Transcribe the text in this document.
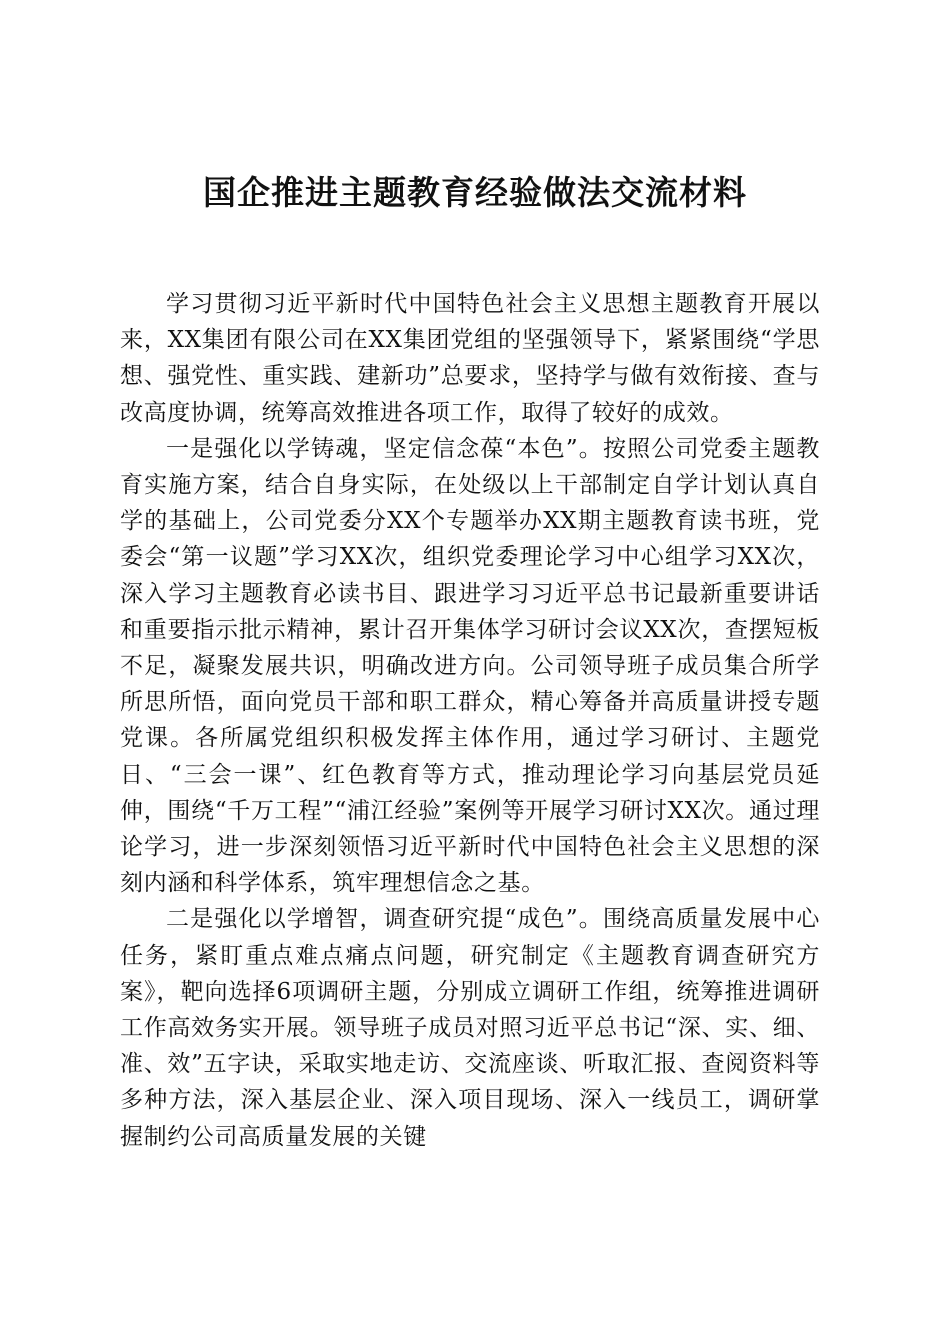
国企推进主题教育经验做法交流材料

学习贯彻习近平新时代中国特色社会主义思想主题教育开展以来，XX集团有限公司在XX集团党组的坚强领导下，紧紧围绕“学思想、强党性、重实践、建新功”总要求，坚持学与做有效衔接、查与改高度协调，统筹高效推进各项工作，取得了较好的成效。

一是强化以学铸魂，坚定信念葆“本色”。按照公司党委主题教育实施方案，结合自身实际，在处级以上干部制定自学计划认真自学的基础上，公司党委分XX个专题举办XX期主题教育读书班，党委会“第一议题”学习XX次，组织党委理论学习中心组学习XX次，深入学习主题教育必读书目、跟进学习习近平总书记最新重要讲话和重要指示批示精神，累计召开集体学习研讨会议XX次，查摆短板不足，凝聚发展共识，明确改进方向。公司领导班子成员集合所学所思所悟，面向党员干部和职工群众，精心筹备并高质量讲授专题党课。各所属党组织积极发挥主体作用，通过学习研讨、主题党日、“三会一课”、红色教育等方式，推动理论学习向基层党员延伸，围绕“千万工程”“浦江经验”案例等开展学习研讨XX次。通过理论学习，进一步深刻领悟习近平新时代中国特色社会主义思想的深刻内涵和科学体系，筑牢理想信念之基。

二是强化以学增智，调查研究提“成色”。围绕高质量发展中心任务，紧盯重点难点痛点问题，研究制定《主题教育调查研究方案》，靶向选择6项调研主题，分别成立调研工作组，统筹推进调研工作高效务实开展。领导班子成员对照习近平总书记“深、实、细、准、效”五字诀，采取实地走访、交流座谈、听取汇报、查阅资料等多种方法，深入基层企业、深入项目现场、深入一线员工，调研掌握制约公司高质量发展的关键
